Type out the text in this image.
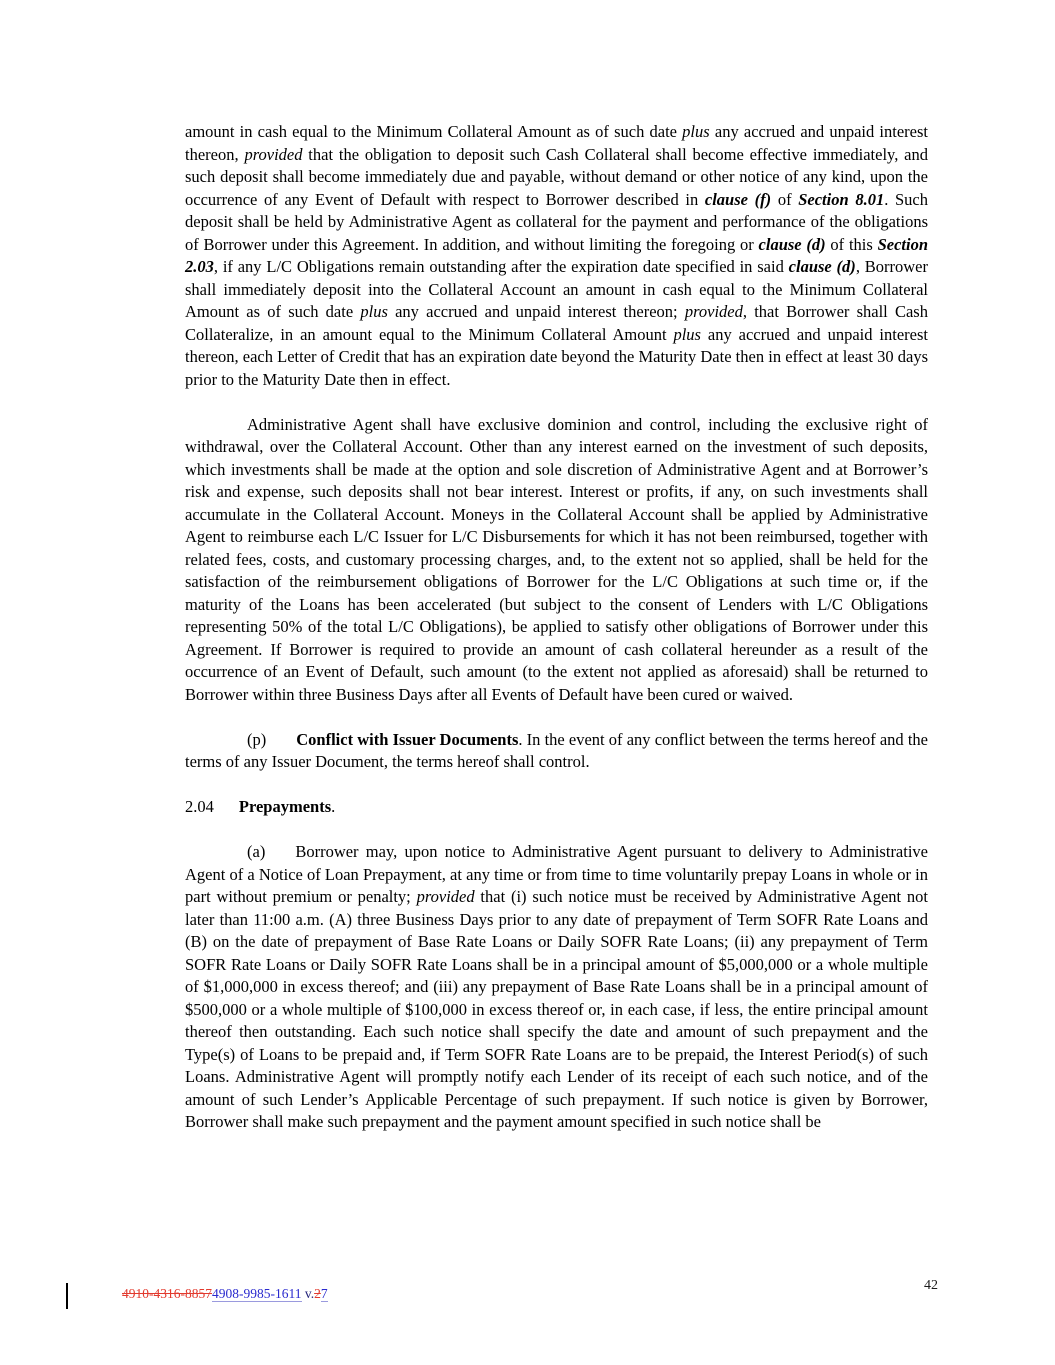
amount in cash equal to the Minimum Collateral Amount as of such date plus any accrued and unpaid interest thereon, provided that the obligation to deposit such Cash Collateral shall become effective immediately, and such deposit shall become immediately due and payable, without demand or other notice of any kind, upon the occurrence of any Event of Default with respect to Borrower described in clause (f) of Section 8.01. Such deposit shall be held by Administrative Agent as collateral for the payment and performance of the obligations of Borrower under this Agreement. In addition, and without limiting the foregoing or clause (d) of this Section 2.03, if any L/C Obligations remain outstanding after the expiration date specified in said clause (d), Borrower shall immediately deposit into the Collateral Account an amount in cash equal to the Minimum Collateral Amount as of such date plus any accrued and unpaid interest thereon; provided, that Borrower shall Cash Collateralize, in an amount equal to the Minimum Collateral Amount plus any accrued and unpaid interest thereon, each Letter of Credit that has an expiration date beyond the Maturity Date then in effect at least 30 days prior to the Maturity Date then in effect.

Administrative Agent shall have exclusive dominion and control, including the exclusive right of withdrawal, over the Collateral Account. Other than any interest earned on the investment of such deposits, which investments shall be made at the option and sole discretion of Administrative Agent and at Borrower’s risk and expense, such deposits shall not bear interest. Interest or profits, if any, on such investments shall accumulate in the Collateral Account. Moneys in the Collateral Account shall be applied by Administrative Agent to reimburse each L/C Issuer for L/C Disbursements for which it has not been reimbursed, together with related fees, costs, and customary processing charges, and, to the extent not so applied, shall be held for the satisfaction of the reimbursement obligations of Borrower for the L/C Obligations at such time or, if the maturity of the Loans has been accelerated (but subject to the consent of Lenders with L/C Obligations representing 50% of the total L/C Obligations), be applied to satisfy other obligations of Borrower under this Agreement. If Borrower is required to provide an amount of cash collateral hereunder as a result of the occurrence of an Event of Default, such amount (to the extent not applied as aforesaid) shall be returned to Borrower within three Business Days after all Events of Default have been cured or waived.

(p) Conflict with Issuer Documents. In the event of any conflict between the terms hereof and the terms of any Issuer Document, the terms hereof shall control.

2.04 Prepayments.

(a) Borrower may, upon notice to Administrative Agent pursuant to delivery to Administrative Agent of a Notice of Loan Prepayment, at any time or from time to time voluntarily prepay Loans in whole or in part without premium or penalty; provided that (i) such notice must be received by Administrative Agent not later than 11:00 a.m. (A) three Business Days prior to any date of prepayment of Term SOFR Rate Loans and (B) on the date of prepayment of Base Rate Loans or Daily SOFR Rate Loans; (ii) any prepayment of Term SOFR Rate Loans or Daily SOFR Rate Loans shall be in a principal amount of $5,000,000 or a whole multiple of $1,000,000 in excess thereof; and (iii) any prepayment of Base Rate Loans shall be in a principal amount of $500,000 or a whole multiple of $100,000 in excess thereof or, in each case, if less, the entire principal amount thereof then outstanding. Each such notice shall specify the date and amount of such prepayment and the Type(s) of Loans to be prepaid and, if Term SOFR Rate Loans are to be prepaid, the Interest Period(s) of such Loans. Administrative Agent will promptly notify each Lender of its receipt of each such notice, and of the amount of such Lender’s Applicable Percentage of such prepayment. If such notice is given by Borrower, Borrower shall make such prepayment and the payment amount specified in such notice shall be

4910-4316-88574908-9985-1611 v.27
42
